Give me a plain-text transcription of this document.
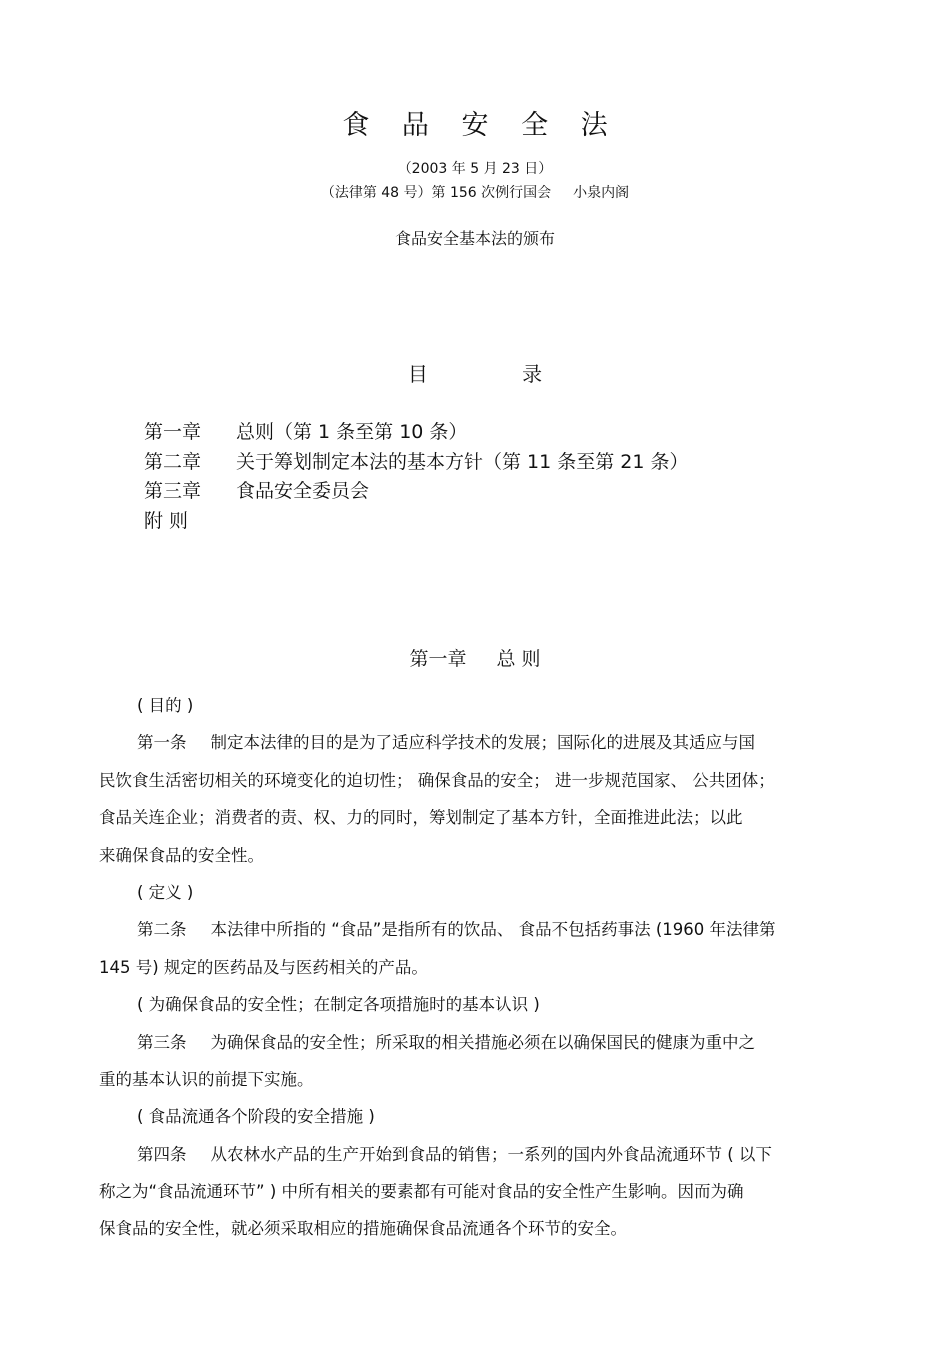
食 品 安 全 法
（2003 年 5 月 23 日）
（法律第 48 号）第 156 次例行国会 小泉内阁
食品安全基本法的颁布
目 录
第一章 总则（第 1 条至第 10 条）
第二章 关于筹划制定本法的基本方针（第 11 条至第 21 条）
第三章 食品安全委员会
附 则
第一章 总 则
( 目的 )
第一条 制定本法律的目的是为了适应科学技术的发展；国际化的进展及其适应与国
民饮食生活密切相关的环境变化的迫切性； 确保食品的安全； 进一步规范国家、 公共团体；
食品关连企业；消费者的责、权、力的同时，筹划制定了基本方针，全面推进此法；以此
来确保食品的安全性。
( 定义 )
第二条 本法律中所指的 “食品”是指所有的饮品、 食品不包括药事法 (1960 年法律第
145 号) 规定的医药品及与医药相关的产品。
( 为确保食品的安全性；在制定各项措施时的基本认识 )
第三条 为确保食品的安全性；所采取的相关措施必须在以确保国民的健康为重中之
重的基本认识的前提下实施。
( 食品流通各个阶段的安全措施 )
第四条 从农林水产品的生产开始到食品的销售；一系列的国内外食品流通环节 ( 以下
称之为“食品流通环节” ) 中所有相关的要素都有可能对食品的安全性产生影响。因而为确
保食品的安全性，就必须采取相应的措施确保食品流通各个环节的安全。
